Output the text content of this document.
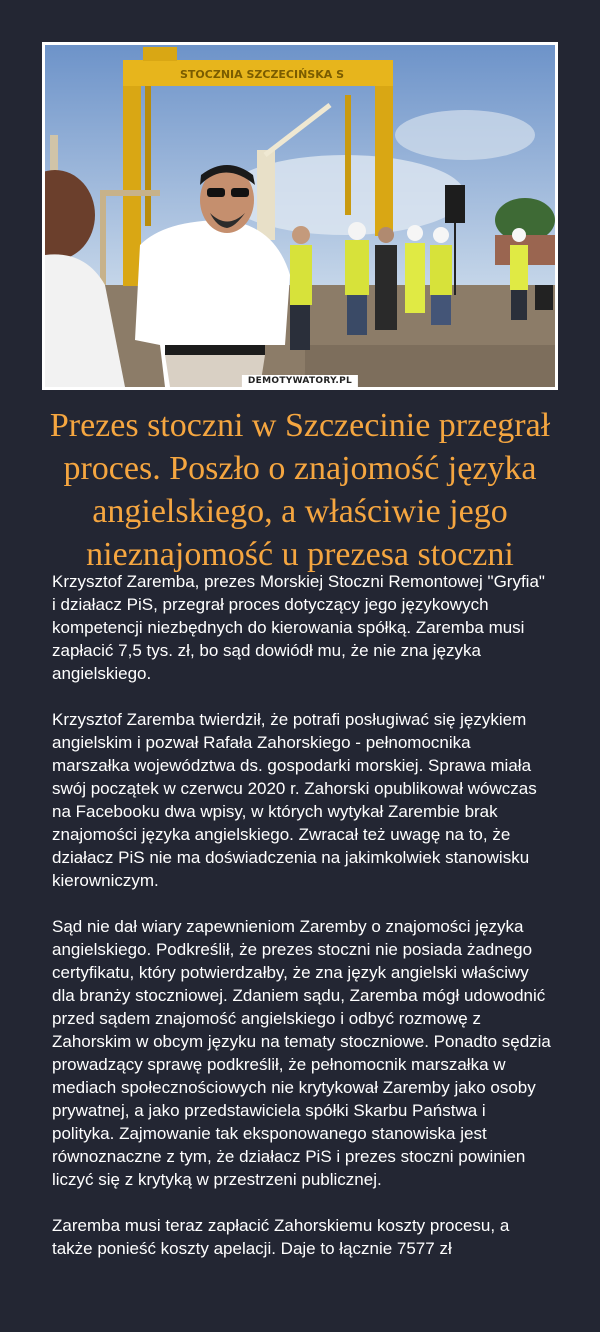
STOCZNIA SZCZECIŃSKA S
DEMOTYWATORY.PL
Prezes stoczni w Szczecinie przegrał proces. Poszło o znajomość języka angielskiego, a właściwie jego nieznajomość u prezesa stoczni

Krzysztof Zaremba, prezes Morskiej Stoczni Remontowej "Gryfia" i działacz PiS, przegrał proces dotyczący jego językowych kompetencji niezbędnych do kierowania spółką. Zaremba musi zapłacić 7,5 tys. zł, bo sąd dowiódł mu, że nie zna języka angielskiego.

Krzysztof Zaremba twierdził, że potrafi posługiwać się językiem angielskim i pozwał Rafała Zahorskiego - pełnomocnika marszałka województwa ds. gospodarki morskiej. Sprawa miała swój początek w czerwcu 2020 r. Zahorski opublikował wówczas na Facebooku dwa wpisy, w których wytykał Zarembie brak znajomości języka angielskiego. Zwracał też uwagę na to, że działacz PiS nie ma doświadczenia na jakimkolwiek stanowisku kierowniczym.

Sąd nie dał wiary zapewnieniom Zaremby o znajomości języka angielskiego. Podkreślił, że prezes stoczni nie posiada żadnego certyfikatu, który potwierdzałby, że zna język angielski właściwy dla branży stoczniowej. Zdaniem sądu, Zaremba mógł udowodnić przed sądem znajomość angielskiego i odbyć rozmowę z Zahorskim w obcym języku na tematy stoczniowe. Ponadto sędzia prowadzący sprawę podkreślił, że pełnomocnik marszałka w mediach społecznościowych nie krytykował Zaremby jako osoby prywatnej, a jako przedstawiciela spółki Skarbu Państwa i polityka. Zajmowanie tak eksponowanego stanowiska jest równoznaczne z tym, że działacz PiS i prezes stoczni powinien liczyć się z krytyką w przestrzeni publicznej.

Zaremba musi teraz zapłacić Zahorskiemu koszty procesu, a także ponieść koszty apelacji. Daje to łącznie 7577 zł
